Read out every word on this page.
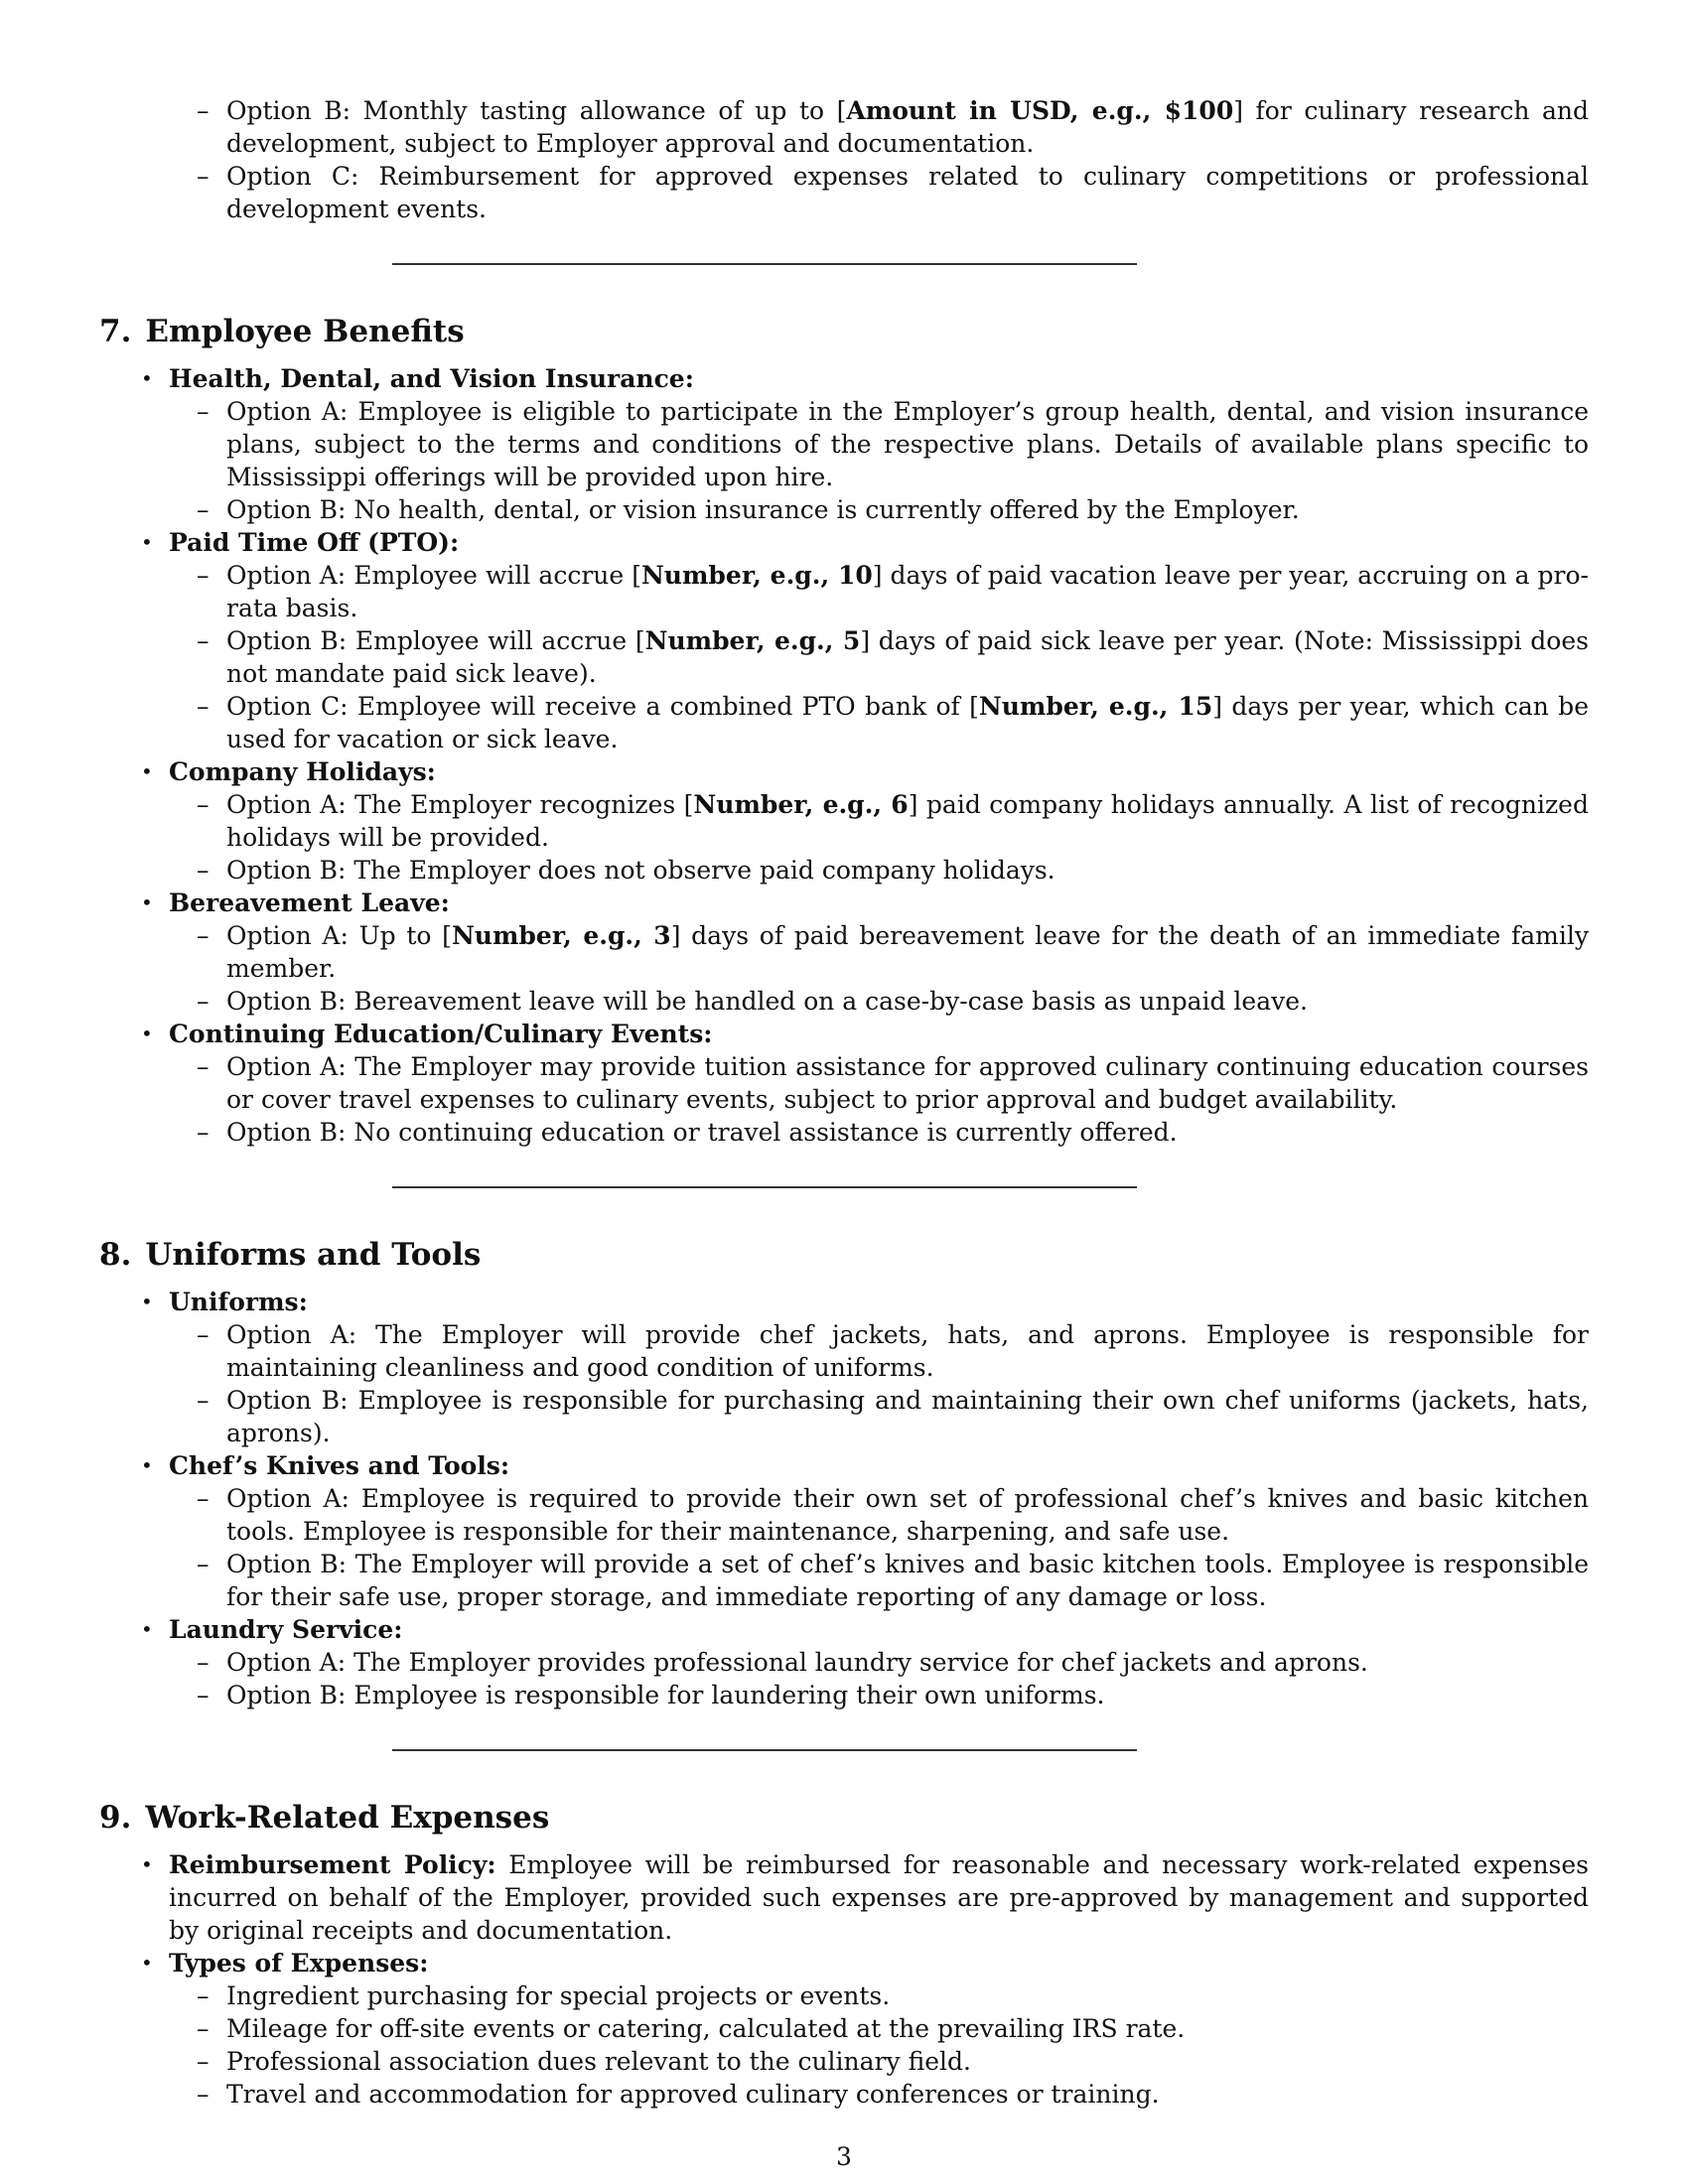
– Option B: Monthly tasting allowance of up to [Amount in USD, e.g., $100] for culinary research and development, subject to Employer approval and documentation.
– Option C: Reimbursement for approved expenses related to culinary competitions or professional development events.
7. Employee Benefits
• Health, Dental, and Vision Insurance:
– Option A: Employee is eligible to participate in the Employer’s group health, dental, and vision insurance plans, subject to the terms and conditions of the respective plans. Details of available plans specific to Mississippi offerings will be provided upon hire.
– Option B: No health, dental, or vision insurance is currently offered by the Employer.
• Paid Time Off (PTO):
– Option A: Employee will accrue [Number, e.g., 10] days of paid vacation leave per year, accruing on a pro-rata basis.
– Option B: Employee will accrue [Number, e.g., 5] days of paid sick leave per year. (Note: Mississippi does not mandate paid sick leave).
– Option C: Employee will receive a combined PTO bank of [Number, e.g., 15] days per year, which can be used for vacation or sick leave.
• Company Holidays:
– Option A: The Employer recognizes [Number, e.g., 6] paid company holidays annually. A list of recognized holidays will be provided.
– Option B: The Employer does not observe paid company holidays.
• Bereavement Leave:
– Option A: Up to [Number, e.g., 3] days of paid bereavement leave for the death of an immediate family member.
– Option B: Bereavement leave will be handled on a case-by-case basis as unpaid leave.
• Continuing Education/Culinary Events:
– Option A: The Employer may provide tuition assistance for approved culinary continuing education courses or cover travel expenses to culinary events, subject to prior approval and budget availability.
– Option B: No continuing education or travel assistance is currently offered.
8. Uniforms and Tools
• Uniforms:
– Option A: The Employer will provide chef jackets, hats, and aprons. Employee is responsible for maintaining cleanliness and good condition of uniforms.
– Option B: Employee is responsible for purchasing and maintaining their own chef uniforms (jackets, hats, aprons).
• Chef’s Knives and Tools:
– Option A: Employee is required to provide their own set of professional chef’s knives and basic kitchen tools. Employee is responsible for their maintenance, sharpening, and safe use.
– Option B: The Employer will provide a set of chef’s knives and basic kitchen tools. Employee is responsible for their safe use, proper storage, and immediate reporting of any damage or loss.
• Laundry Service:
– Option A: The Employer provides professional laundry service for chef jackets and aprons.
– Option B: Employee is responsible for laundering their own uniforms.
9. Work-Related Expenses
• Reimbursement Policy: Employee will be reimbursed for reasonable and necessary work-related expenses incurred on behalf of the Employer, provided such expenses are pre-approved by management and supported by original receipts and documentation.
• Types of Expenses:
– Ingredient purchasing for special projects or events.
– Mileage for off-site events or catering, calculated at the prevailing IRS rate.
– Professional association dues relevant to the culinary field.
– Travel and accommodation for approved culinary conferences or training.
3
